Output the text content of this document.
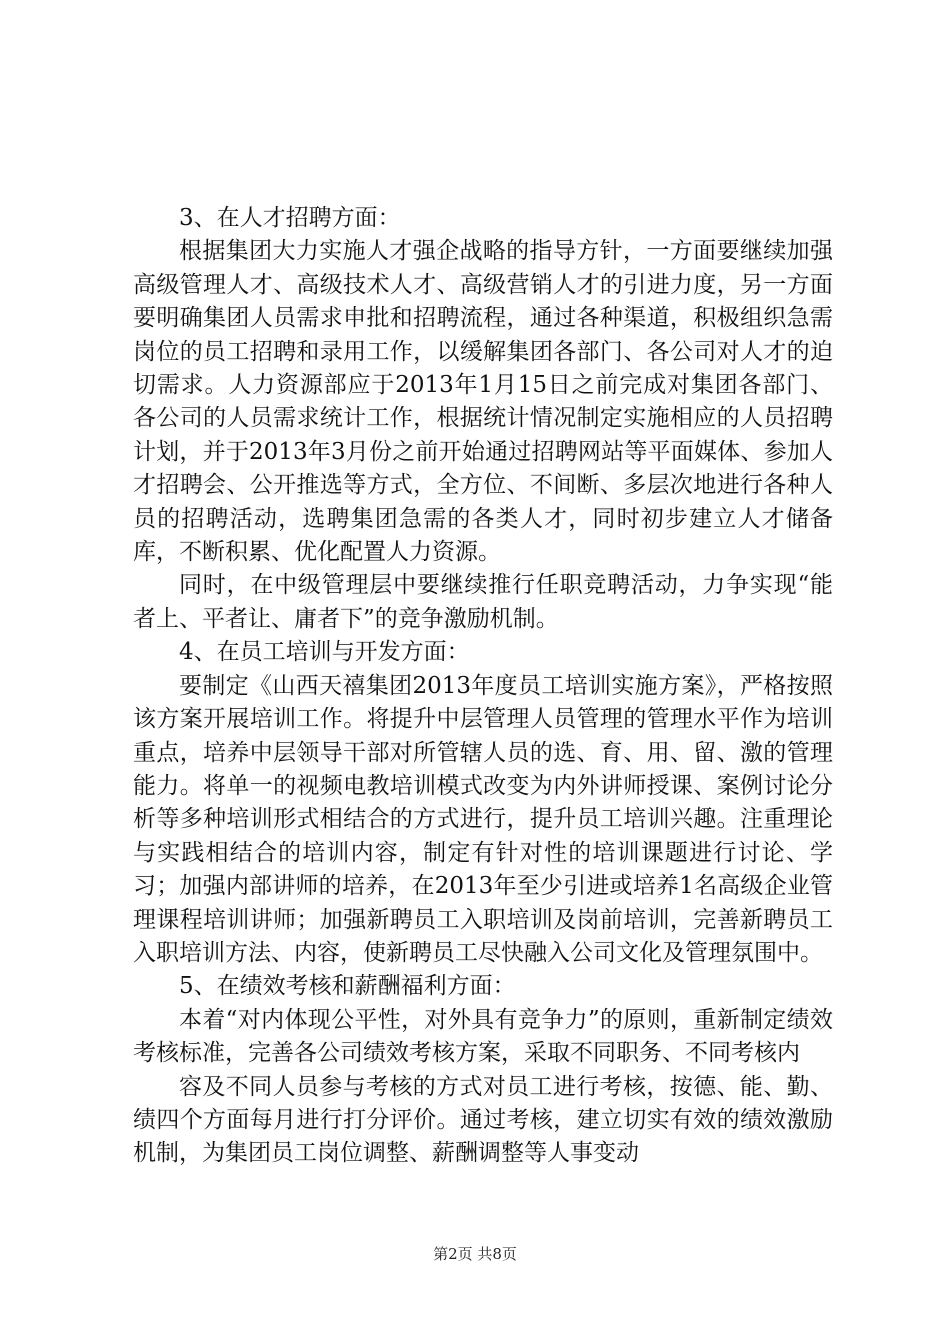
3、在人才招聘方面：

根据集团大力实施人才强企战略的指导方针，一方面要继续加强高级管理人才、高级技术人才、高级营销人才的引进力度，另一方面要明确集团人员需求申批和招聘流程，通过各种渠道，积极组织急需岗位的员工招聘和录用工作，以缓解集团各部门、各公司对人才的迫切需求。人力资源部应于2013年1月15日之前完成对集团各部门、各公司的人员需求统计工作，根据统计情况制定实施相应的人员招聘计划，并于2013年3月份之前开始通过招聘网站等平面媒体、参加人才招聘会、公开推选等方式，全方位、不间断、多层次地进行各种人员的招聘活动，选聘集团急需的各类人才，同时初步建立人才储备库，不断积累、优化配置人力资源。

同时，在中级管理层中要继续推行任职竞聘活动，力争实现“能者上、平者让、庸者下”的竞争激励机制。

4、在员工培训与开发方面：

要制定《山西天禧集团2013年度员工培训实施方案》，严格按照该方案开展培训工作。将提升中层管理人员管理的管理水平作为培训重点，培养中层领导干部对所管辖人员的选、育、用、留、激的管理能力。将单一的视频电教培训模式改变为内外讲师授课、案例讨论分析等多种培训形式相结合的方式进行，提升员工培训兴趣。注重理论与实践相结合的培训内容，制定有针对性的培训课题进行讨论、学习；加强内部讲师的培养，在2013年至少引进或培养1名高级企业管理课程培训讲师；加强新聘员工入职培训及岗前培训，完善新聘员工入职培训方法、内容，使新聘员工尽快融入公司文化及管理氛围中。

5、在绩效考核和薪酬福利方面：

本着“对内体现公平性，对外具有竞争力”的原则，重新制定绩效考核标准，完善各公司绩效考核方案，采取不同职务、不同考核内

容及不同人员参与考核的方式对员工进行考核，按德、能、勤、绩四个方面每月进行打分评价。通过考核，建立切实有效的绩效激励机制，为集团员工岗位调整、薪酬调整等人事变动

第2页 共8页
